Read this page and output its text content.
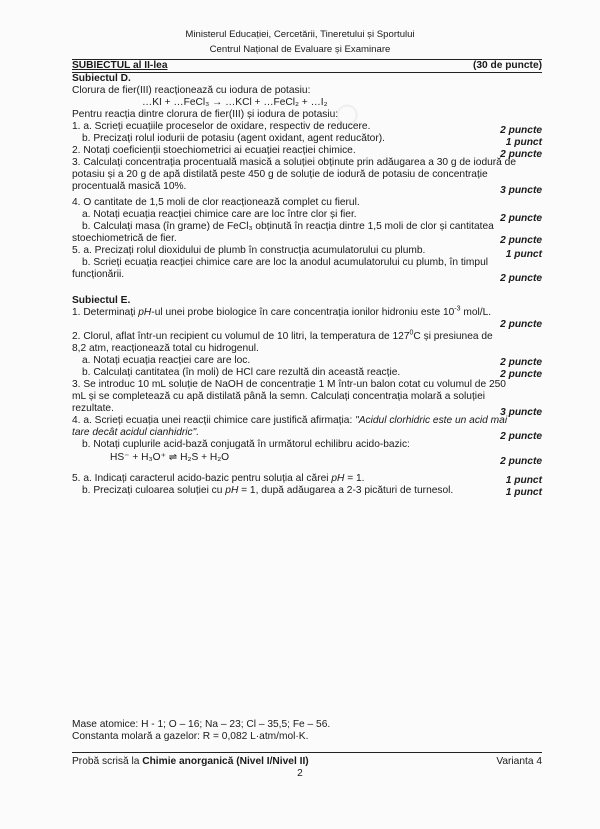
◦
Ministerul Educației, Cercetării, Tineretului și Sportului
Centrul Național de Evaluare și Examinare
SUBIECTUL al II-lea	(30 de puncte)
Subiectul D.
Clorura de fier(III) reacționează cu iodura de potasiu:
…KI + …FeCl₃ → …KCl + …FeCl₂ + …I₂
Pentru reacția dintre clorura de fier(III) și iodura de potasiu:
1. a. Scrieți ecuațiile proceselor de oxidare, respectiv de reducere.	2 puncte
b. Precizați rolul iodurii de potasiu (agent oxidant, agent reducător).	1 punct
2. Notați coeficienții stoechiometrici ai ecuației reacției chimice.	2 puncte
3. Calculați concentrația procentuală masică a soluției obținute prin adăugarea a 30 g de iodură de
potasiu și a 20 g de apă distilată peste 450 g de soluție de iodură de potasiu de concentrație
procentuală masică 10%.	3 puncte
4. O cantitate de 1,5 moli de clor reacționează complet cu fierul.
a. Notați ecuația reacției chimice care are loc între clor și fier.	2 puncte
b. Calculați masa (în grame) de FeCl₃ obținută în reacția dintre 1,5 moli de clor și cantitatea
stoechiometrică de fier.	2 puncte
5. a. Precizați rolul dioxidului de plumb în construcția acumulatorului cu plumb.	1 punct
b. Scrieți ecuația reacției chimice care are loc la anodul acumulatorului cu plumb, în timpul
funcționării.	2 puncte
Subiectul E.
1. Determinați pH-ul unei probe biologice în care concentrația ionilor hidroniu este $10^{-3}$ mol/L.
2 puncte
2. Clorul, aflat într-un recipient cu volumul de 10 litri, la temperatura de $127^0C$ și presiunea de
8,2 atm, reacționează total cu hidrogenul.
a. Notați ecuația reacției care are loc.	2 puncte
b. Calculați cantitatea (în moli) de HCl care rezultă din această reacție.	2 puncte
3. Se introduc 10 mL soluție de NaOH de concentrație 1 M într-un balon cotat cu volumul de 250
mL și se completează cu apă distilată până la semn. Calculați concentrația molară a soluției
rezultate.	3 puncte
4. a. Scrieți ecuația unei reacții chimice care justifică afirmația: "Acidul clorhidric este un acid mai
tare decât acidul cianhidric".	2 puncte
b. Notați cuplurile acid-bază conjugată în următorul echilibru acido-bazic:
HS⁻ + H₃O⁺ ⇌ H₂S + H₂O	2 puncte
5. a. Indicați caracterul acido-bazic pentru soluția al cărei pH = 1.	1 punct
b. Precizați culoarea soluției cu pH = 1, după adăugarea a 2-3 picături de turnesol.	1 punct
Mase atomice: H - 1; O – 16; Na – 23; Cl – 35,5; Fe – 56.
Constanta molară a gazelor: R = 0,082 L·atm/mol·K.
Probă scrisă la Chimie anorganică (Nivel I/Nivel II)	Varianta 4
2
